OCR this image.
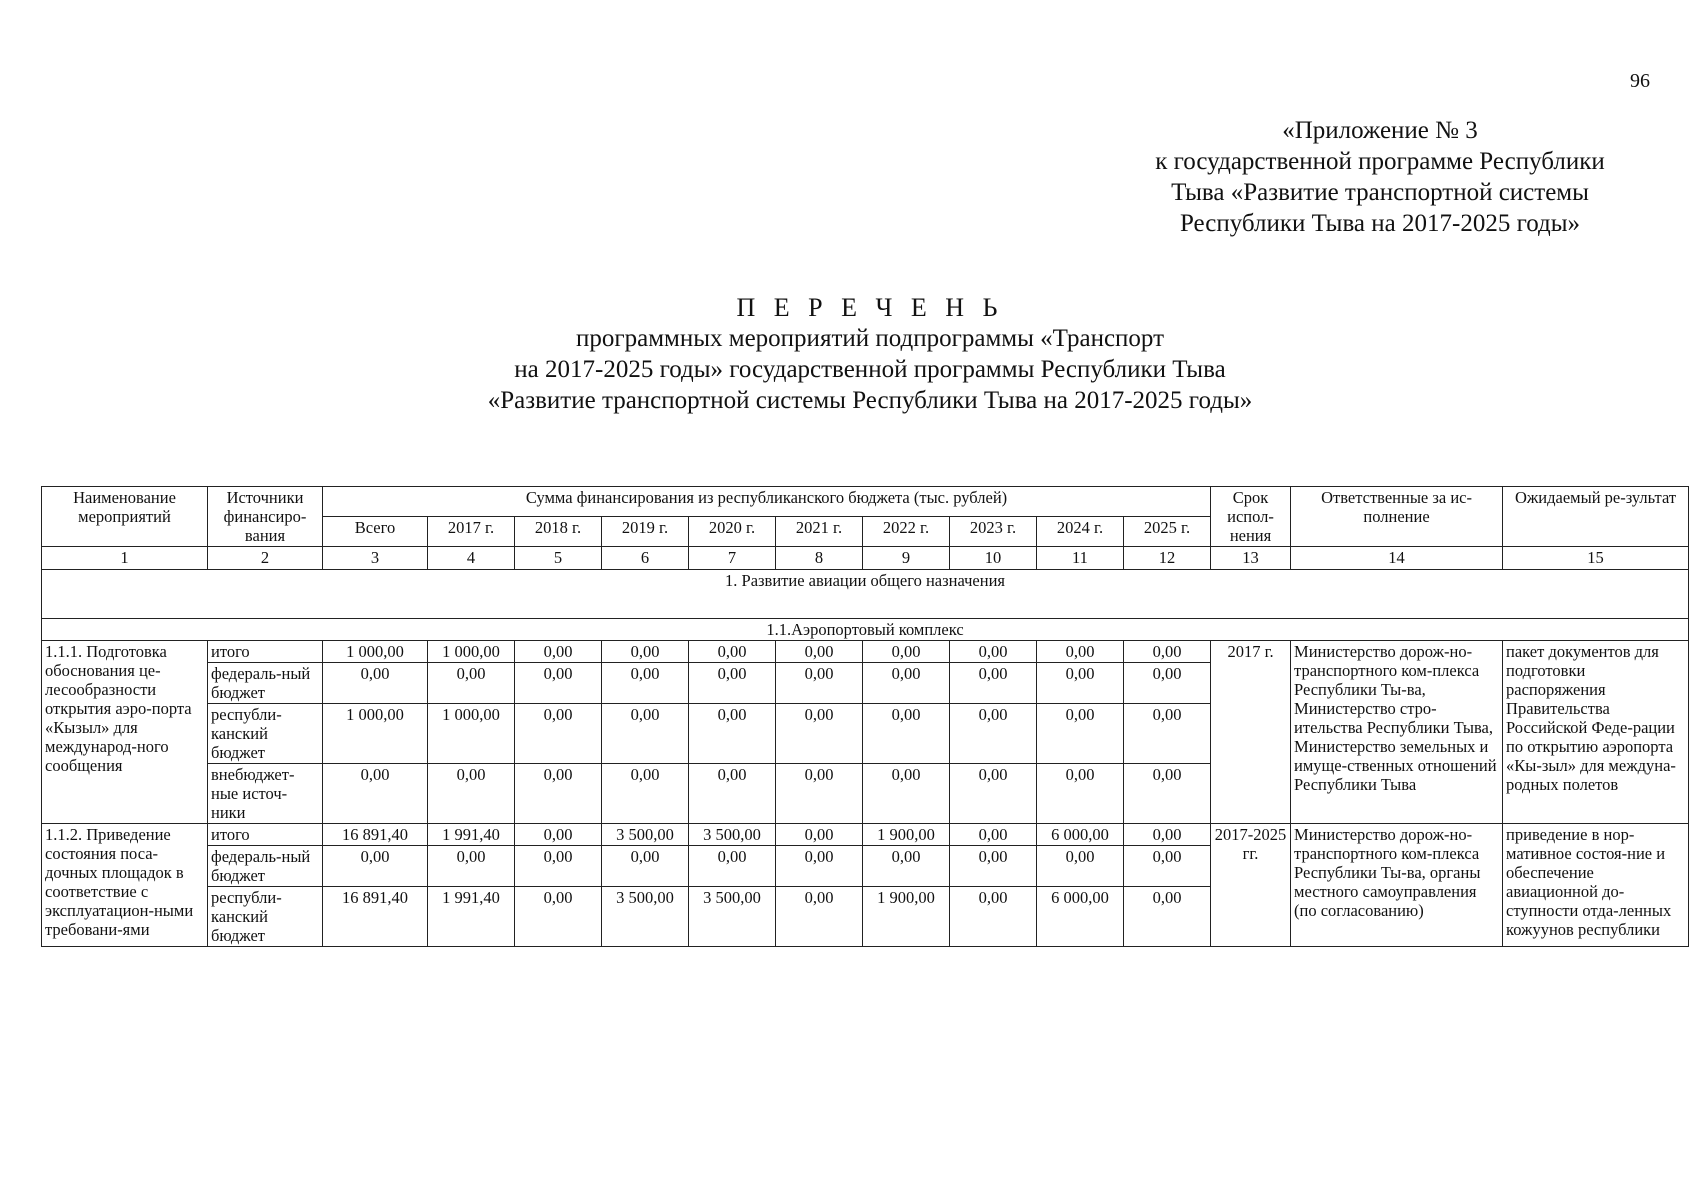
96
«Приложение № 3
к государственной программе Республики
Тыва «Развитие транспортной системы
Республики Тыва на 2017-2025 годы»
П Е Р Е Ч Е Н Ь
программных мероприятий подпрограммы «Транспорт
на 2017-2025 годы» государственной программы Республики Тыва
«Развитие транспортной системы Республики Тыва на 2017-2025 годы»
Наименование мероприятий	Источники финансиро-вания	Сумма финансирования из республиканского бюджета (тыс. рублей)										Срок испол-нения	Ответственные за ис-полнение	Ожидаемый ре-зультат
		Всего	2017 г.	2018 г.	2019 г.	2020 г.	2021 г.	2022 г.	2023 г.	2024 г.	2025 г.			
1	2	3	4	5	6	7	8	9	10	11	12	13	14	15
1. Развитие авиации общего назначения														
1.1.Аэропортовый комплекс														
1.1.1. Подготовка обоснования це-лесообразности открытия аэро-порта «Кызыл» для международ-ного сообщения	итого	1 000,00	1 000,00	0,00	0,00	0,00	0,00	0,00	0,00	0,00	0,00	2017 г.	Министерство дорож-но-транспортного ком-плекса Республики Ты-ва, Министерство стро-ительства Республики Тыва, Министерство земельных и имуще-ственных отношений Республики Тыва	пакет документов для подготовки распоряжения Правительства Российской Феде-рации по открытию аэропорта «Кы-зыл» для междуна-родных полетов
	федераль-ный бюджет	0,00	0,00	0,00	0,00	0,00	0,00	0,00	0,00	0,00	0,00			
	республи-канский бюджет	1 000,00	1 000,00	0,00	0,00	0,00	0,00	0,00	0,00	0,00	0,00			
	внебюджет-ные источ-ники	0,00	0,00	0,00	0,00	0,00	0,00	0,00	0,00	0,00	0,00			
1.1.2. Приведение состояния поса-дочных площадок в соответствие с эксплуатацион-ными требовани-ями	итого	16 891,40	1 991,40	0,00	3 500,00	3 500,00	0,00	1 900,00	0,00	6 000,00	0,00	2017-2025 гг.	Министерство дорож-но-транспортного ком-плекса Республики Ты-ва, органы местного самоуправления (по согласованию)	приведение в нор-мативное состоя-ние и обеспечение авиационной до-ступности отда-ленных кожуунов республики
	федераль-ный бюджет	0,00	0,00	0,00	0,00	0,00	0,00	0,00	0,00	0,00	0,00			
	республи-канский бюджет	16 891,40	1 991,40	0,00	3 500,00	3 500,00	0,00	1 900,00	0,00	6 000,00	0,00			
